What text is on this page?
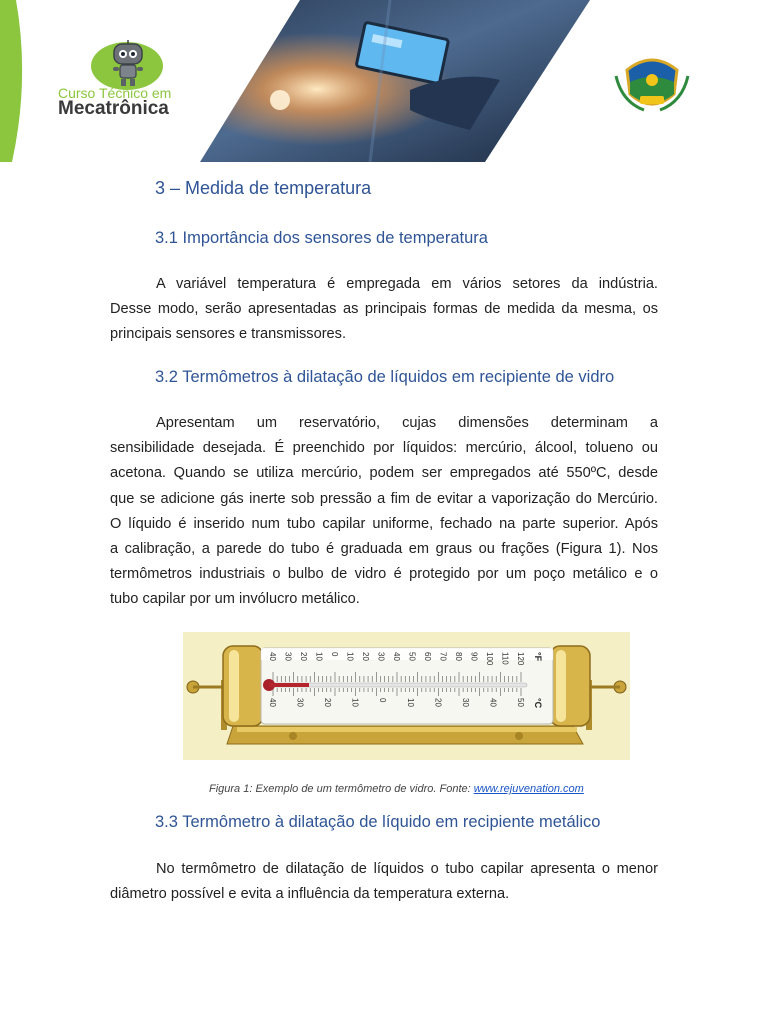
Curso Técnico em
Mecatrônica
3 – Medida de temperatura
3.1 Importância dos sensores de temperatura
A variável temperatura é empregada em vários setores da indústria.
Desse modo, serão apresentadas as principais formas de medida da mesma, os
principais sensores e transmissores.
3.2 Termômetros à dilatação de líquidos em recipiente de vidro
Apresentam um reservatório, cujas dimensões determinam a
sensibilidade desejada. É preenchido por líquidos: mercúrio, álcool, tolueno ou
acetona. Quando se utiliza mercúrio, podem ser empregados até 550ºC, desde
que se adicione gás inerte sob pressão a fim de evitar a vaporização do Mercúrio.
O líquido é inserido num tubo capilar uniforme, fechado na parte superior. Após
a calibração, a parede do tubo é graduada em graus ou frações (Figura 1). Nos
termômetros industriais o bulbo de vidro é protegido por um poço metálico e o
tubo capilar por um invólucro metálico.
120
110
100
90
80
70
60
50
40
30
20
10
0
10
20
30
40
50
40
30
20
10
0
10
20
30
40
°F
°C
Figura 1: Exemplo de um termômetro de vidro. Fonte: www.rejuvenation.com
3.3 Termômetro à dilatação de líquido em recipiente metálico
No termômetro de dilatação de líquidos o tubo capilar apresenta o menor
diâmetro possível e evita a influência da temperatura externa.
